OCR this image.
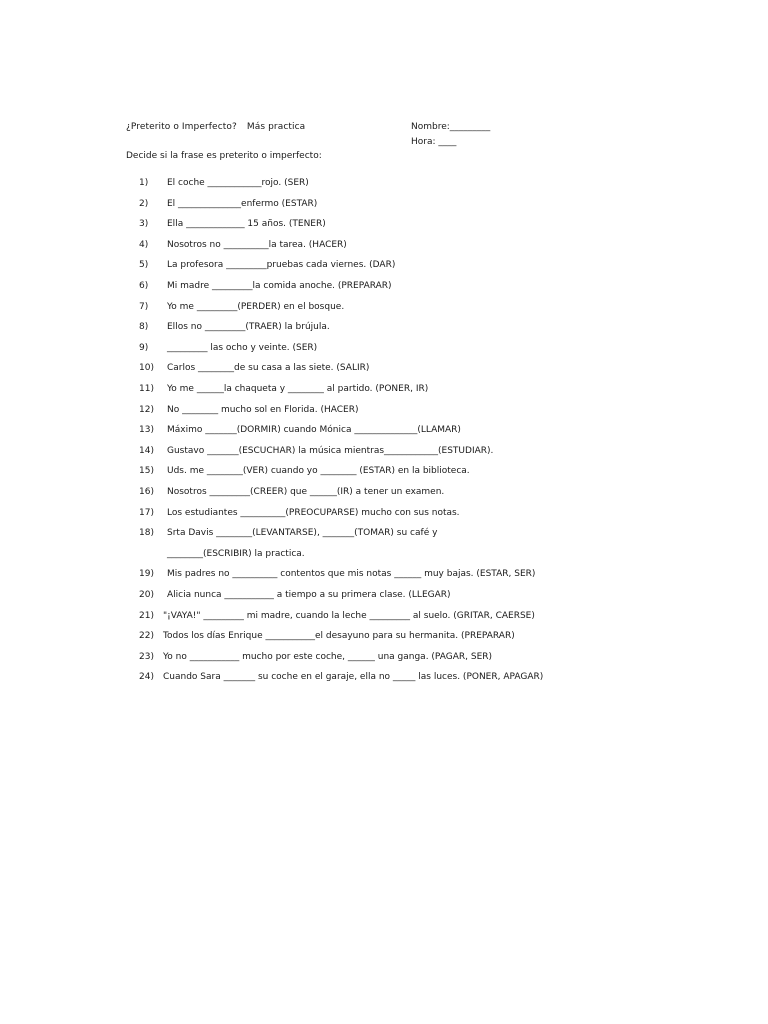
¿Preterito o Imperfecto? Más practica	Nombre:_________
Hora: ____
Decide si la frase es preterito o imperfecto:
1) El coche ____________rojo. (SER)
2) El ______________enfermo (ESTAR)
3) Ella _____________ 15 años. (TENER)
4) Nosotros no __________la tarea. (HACER)
5) La profesora _________pruebas cada viernes. (DAR)
6) Mi madre _________la comida anoche. (PREPARAR)
7) Yo me _________(PERDER) en el bosque.
8) Ellos no _________(TRAER) la brújula.
9) _________ las ocho y veinte. (SER)
10) Carlos ________de su casa a las siete. (SALIR)
11) Yo me ______la chaqueta y ________ al partido. (PONER, IR)
12) No ________ mucho sol en Florida. (HACER)
13) Máximo _______(DORMIR) cuando Mónica ______________(LLAMAR)
14) Gustavo _______(ESCUCHAR) la música mientras____________(ESTUDIAR).
15) Uds. me ________(VER) cuando yo ________ (ESTAR) en la biblioteca.
16) Nosotros _________(CREER) que ______(IR) a tener un examen.
17) Los estudiantes __________(PREOCUPARSE) mucho con sus notas.
18) Srta Davis ________(LEVANTARSE), _______(TOMAR) su café y
________(ESCRIBIR) la practica.
19) Mis padres no __________ contentos que mis notas ______ muy bajas. (ESTAR, SER)
20) Alicia nunca ___________ a tiempo a su primera clase. (LLEGAR)
21) "¡VAYA!" _________ mi madre, cuando la leche _________ al suelo. (GRITAR, CAERSE)
22) Todos los días Enrique ___________el desayuno para su hermanita. (PREPARAR)
23) Yo no ___________ mucho por este coche, ______ una ganga. (PAGAR, SER)
24) Cuando Sara _______ su coche en el garaje, ella no _____ las luces. (PONER, APAGAR)
